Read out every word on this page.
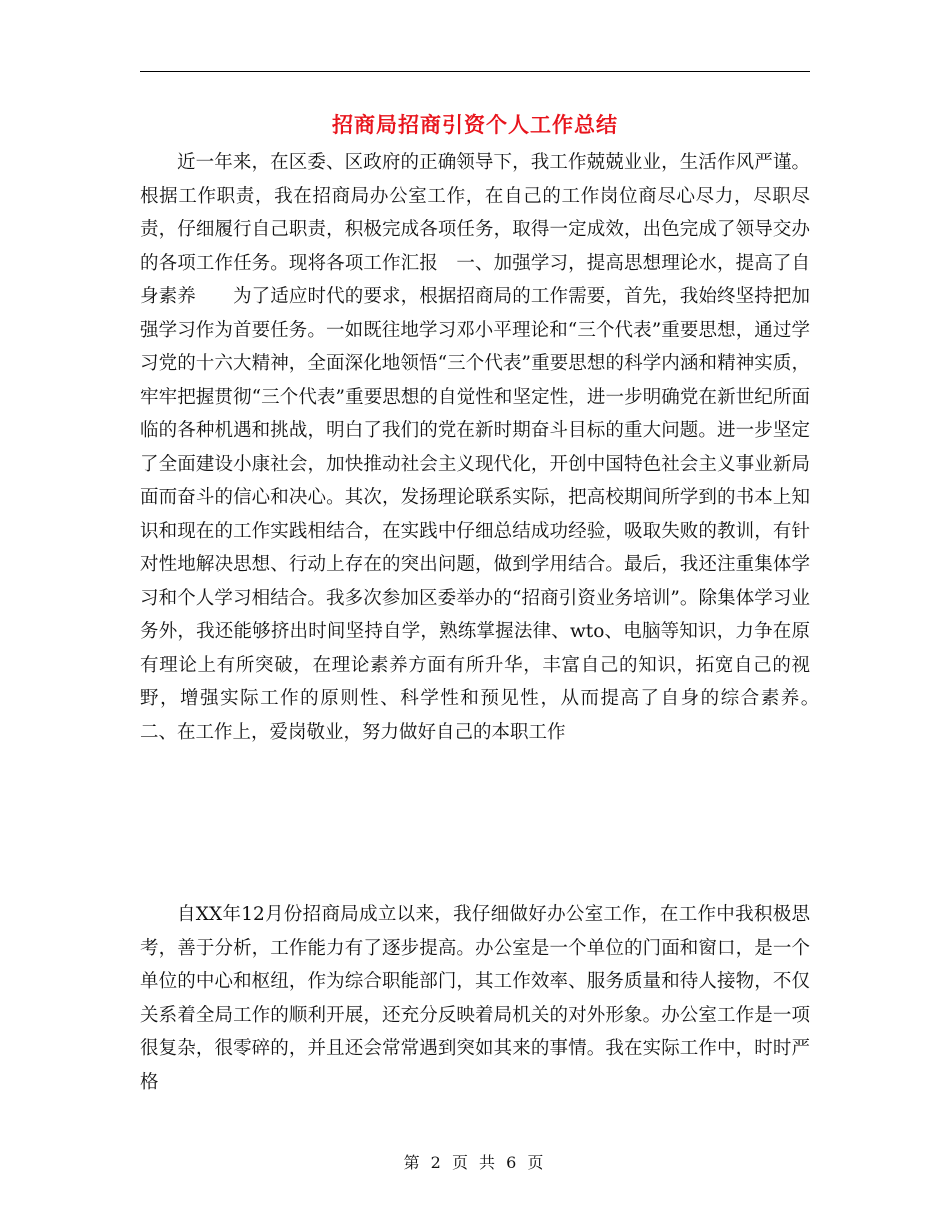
招商局招商引资个人工作总结

近一年来，在区委、区政府的正确领导下，我工作兢兢业业，生活作风严谨。根据工作职责，我在招商局办公室工作，在自己的工作岗位商尽心尽力，尽职尽责，仔细履行自己职责，积极完成各项任务，取得一定成效，出色完成了领导交办的各项工作任务。现将各项工作汇报　一、加强学习，提高思想理论水，提高了自身素养　　为了适应时代的要求，根据招商局的工作需要，首先，我始终坚持把加强学习作为首要任务。一如既往地学习邓小平理论和“三个代表”重要思想，通过学习党的十六大精神，全面深化地领悟“三个代表”重要思想的科学内涵和精神实质，牢牢把握贯彻“三个代表”重要思想的自觉性和坚定性，进一步明确党在新世纪所面临的各种机遇和挑战，明白了我们的党在新时期奋斗目标的重大问题。进一步坚定了全面建设小康社会，加快推动社会主义现代化，开创中国特色社会主义事业新局面而奋斗的信心和决心。其次，发扬理论联系实际，把高校期间所学到的书本上知识和现在的工作实践相结合，在实践中仔细总结成功经验，吸取失败的教训，有针对性地解决思想、行动上存在的突出问题，做到学用结合。最后，我还注重集体学习和个人学习相结合。我多次参加区委举办的“招商引资业务培训”。除集体学习业务外，我还能够挤出时间坚持自学，熟练掌握法律、wto、电脑等知识，力争在原有理论上有所突破，在理论素养方面有所升华，丰富自己的知识，拓宽自己的视野，增强实际工作的原则性、科学性和预见性，从而提高了自身的综合素养。　二、在工作上，爱岗敬业，努力做好自己的本职工作

自XX年12月份招商局成立以来，我仔细做好办公室工作，在工作中我积极思考，善于分析，工作能力有了逐步提高。办公室是一个单位的门面和窗口，是一个单位的中心和枢纽，作为综合职能部门，其工作效率、服务质量和待人接物，不仅关系着全局工作的顺利开展，还充分反映着局机关的对外形象。办公室工作是一项很复杂，很零碎的，并且还会常常遇到突如其来的事情。我在实际工作中，时时严格

第 2 页 共 6 页
